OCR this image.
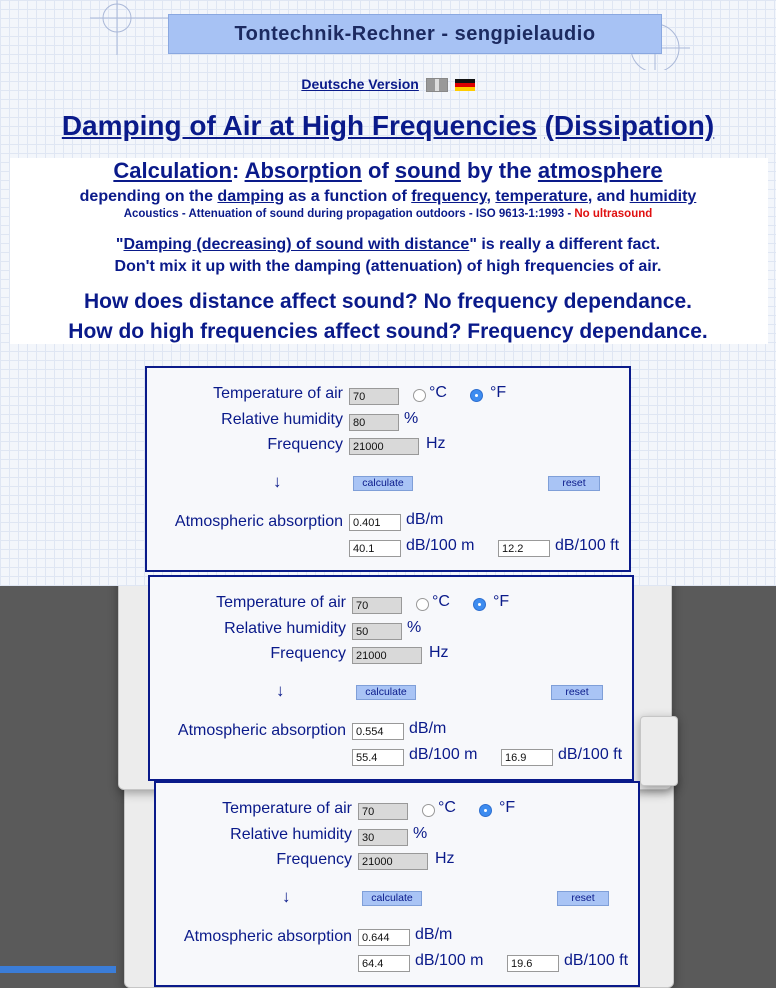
Tontechnik-Rechner - sengpielaudio
Deutsche Version
Damping of Air at High Frequencies (Dissipation)
Calculation: Absorption of sound by the atmosphere
depending on the damping as a function of frequency, temperature, and humidity
Acoustics - Attenuation of sound during propagation outdoors - ISO 9613-1:1993 - No ultrasound
"Damping (decreasing) of sound with distance" is really a different fact.
Don't mix it up with the damping (attenuation) of high frequencies of air.
How does distance affect sound? No frequency dependance.
How do high frequencies affect sound? Frequency dependance.
Temperature of air 70	°C	°F
Relative humidity 80	%
Frequency 21000	Hz
↓	calculate	reset
Atmospheric absorption 0.401	dB/m
40.1	dB/100 m	12.2	dB/100 ft
Temperature of air 70	°C	°F
Relative humidity 50	%
Frequency 21000	Hz
↓	calculate	reset
Atmospheric absorption 0.554	dB/m
55.4	dB/100 m	16.9	dB/100 ft
Temperature of air 70	°C	°F
Relative humidity 30	%
Frequency 21000	Hz
↓	calculate	reset
Atmospheric absorption 0.644	dB/m
64.4	dB/100 m	19.6	dB/100 ft
